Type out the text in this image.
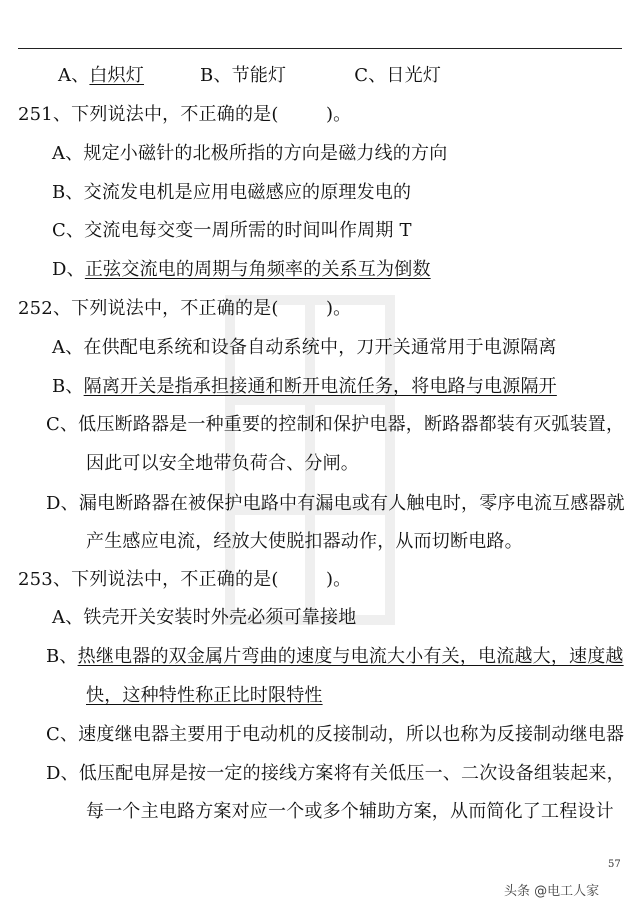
A、白炽灯	B、节能灯	C、日光灯
251、下列说法中，不正确的是(        )。
A、规定小磁针的北极所指的方向是磁力线的方向
B、交流发电机是应用电磁感应的原理发电的
C、交流电每交变一周所需的时间叫作周期 T
D、正弦交流电的周期与角频率的关系互为倒数
252、下列说法中，不正确的是(        )。
A、在供配电系统和设备自动系统中，刀开关通常用于电源隔离
B、隔离开关是指承担接通和断开电流任务，将电路与电源隔开
C、低压断路器是一种重要的控制和保护电器，断路器都装有灭弧装置，
因此可以安全地带负荷合、分闸。
D、漏电断路器在被保护电路中有漏电或有人触电时，零序电流互感器就
产生感应电流，经放大使脱扣器动作，从而切断电路。
253、下列说法中，不正确的是(        )。
A、铁壳开关安装时外壳必须可靠接地
B、热继电器的双金属片弯曲的速度与电流大小有关，电流越大，速度越
快，这种特性称正比时限特性
C、速度继电器主要用于电动机的反接制动，所以也称为反接制动继电器
D、低压配电屏是按一定的接线方案将有关低压一、二次设备组装起来，
每一个主电路方案对应一个或多个辅助方案，从而简化了工程设计
57
头条 @电工人家
